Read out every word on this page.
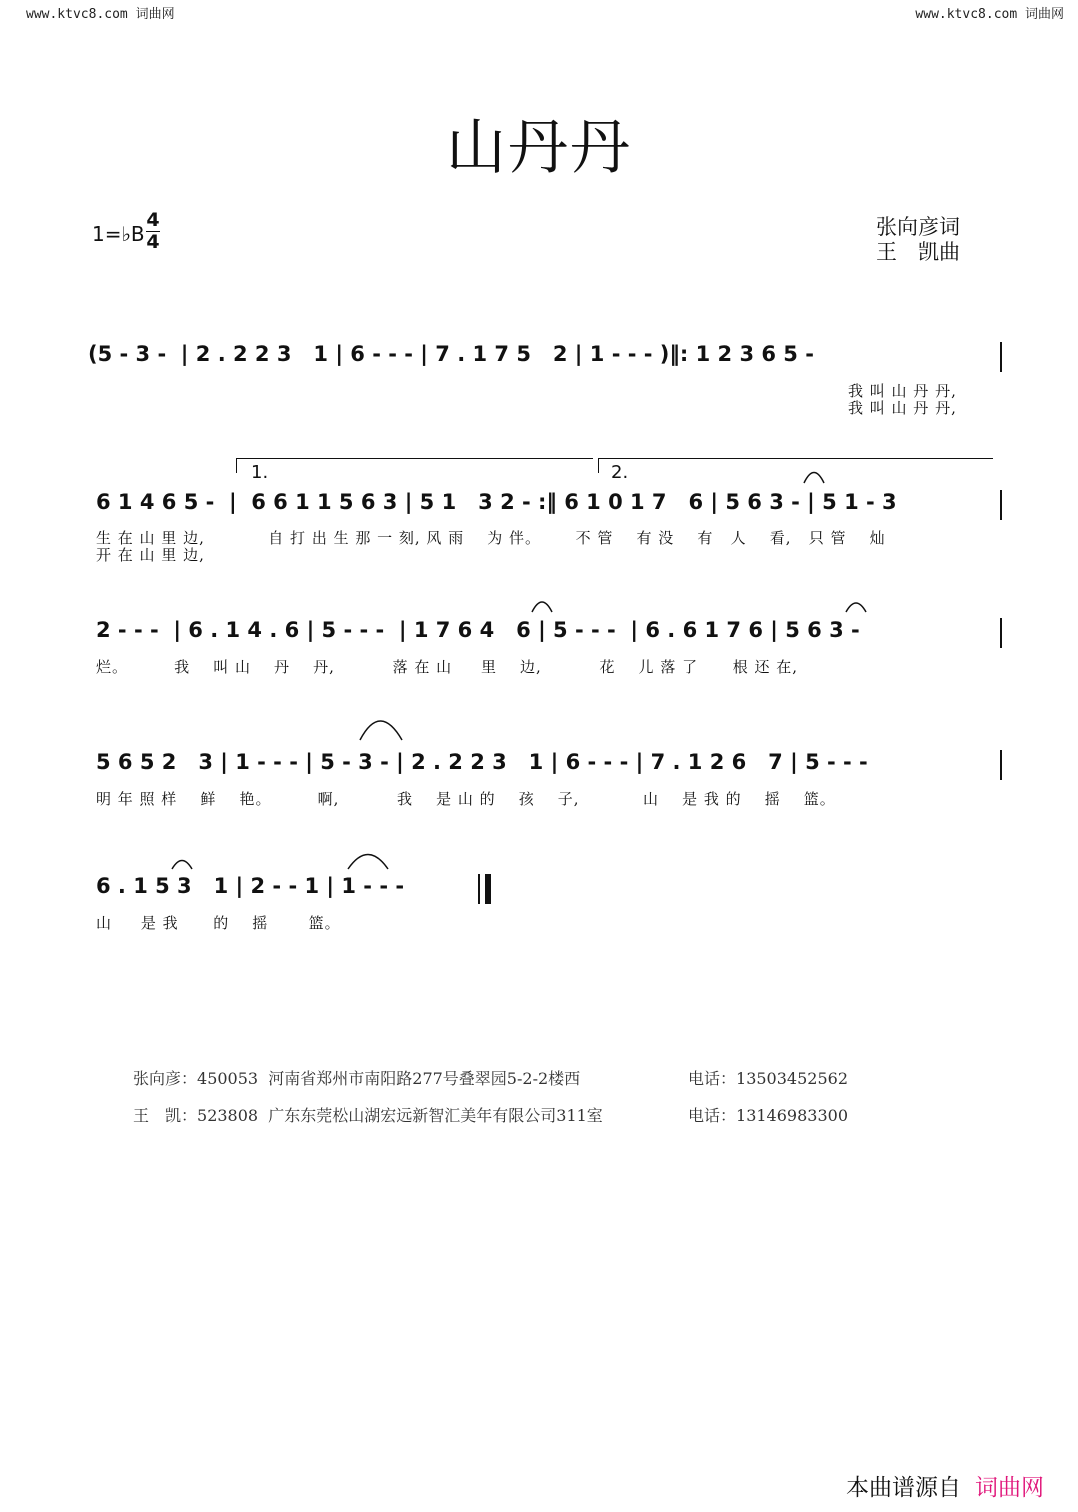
www.ktvc8.com 词曲网	www.ktvc8.com 词曲网
山丹丹
1=♭B
4
4
张向彦词
王　凯曲
(5 - 3 -  | 2 . 2 2 3   1 | 6 - - - | 7 . 1 7 5   2 | 1 - - - )‖: 1 2 3 6 5 -
我 叫 山 丹 丹,
我 叫 山 丹 丹,
1.	2.
6 1 4 6 5 -  |  6 6 1 1 5 6 3 | 5 1   3 2 - :‖ 6 1 0 1 7   6 | 5 6 3 - | 5 1 - 3
生 在 山 里 边,           自 打 出 生 那 一 刻, 风 雨    为 伴。      不 管    有 没    有   人    看,   只 管    灿
开 在 山 里 边,
2 - - -  | 6 . 1 4 . 6 | 5 - - -  | 1 7 6 4   6 | 5 - - -  | 6 . 6 1 7 6 | 5 6 3 -
烂。        我    叫 山    丹    丹,          落 在 山     里    边,          花    儿 落 了      根 还 在,
5 6 5 2   3 | 1 - - - | 5 - 3 - | 2 . 2 2 3   1 | 6 - - - | 7 . 1 2 6   7 | 5 - - -
明 年 照 样    鲜    艳。        啊,          我    是 山 的    孩    子,           山    是 我 的    摇    篮。
6 . 1 5 3   1 | 2 - - 1 | 1 - - -
山     是 我      的    摇       篮。
张向彦：450053  河南省郑州市南阳路277号叠翠园5-2-2楼西	电话：13503452562
王　凯：523808  广东东莞松山湖宏远新智汇美年有限公司311室	电话：13146983300
本曲谱源自 词曲网
